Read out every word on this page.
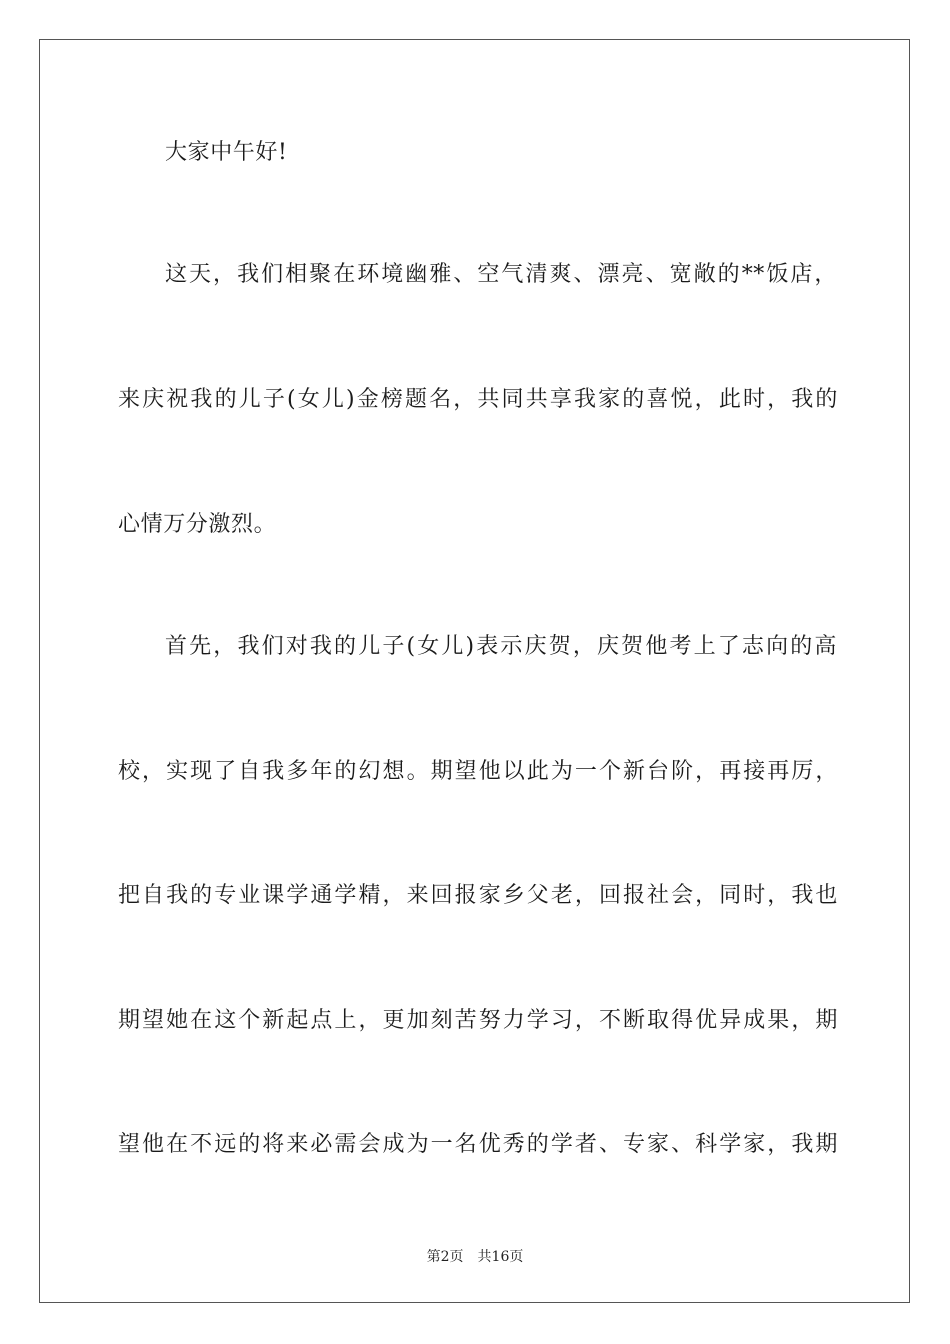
大家中午好!
这天，我们相聚在环境幽雅、空气清爽、漂亮、宽敞的**饭店，
来庆祝我的儿子(女儿)金榜题名，共同共享我家的喜悦，此时，我的
心情万分激烈。
首先，我们对我的儿子(女儿)表示庆贺，庆贺他考上了志向的高
校，实现了自我多年的幻想。期望他以此为一个新台阶，再接再厉，
把自我的专业课学通学精，来回报家乡父老，回报社会，同时，我也
期望她在这个新起点上，更加刻苦努力学习，不断取得优异成果，期
望他在不远的将来必需会成为一名优秀的学者、专家、科学家，我期
第2页 共16页
